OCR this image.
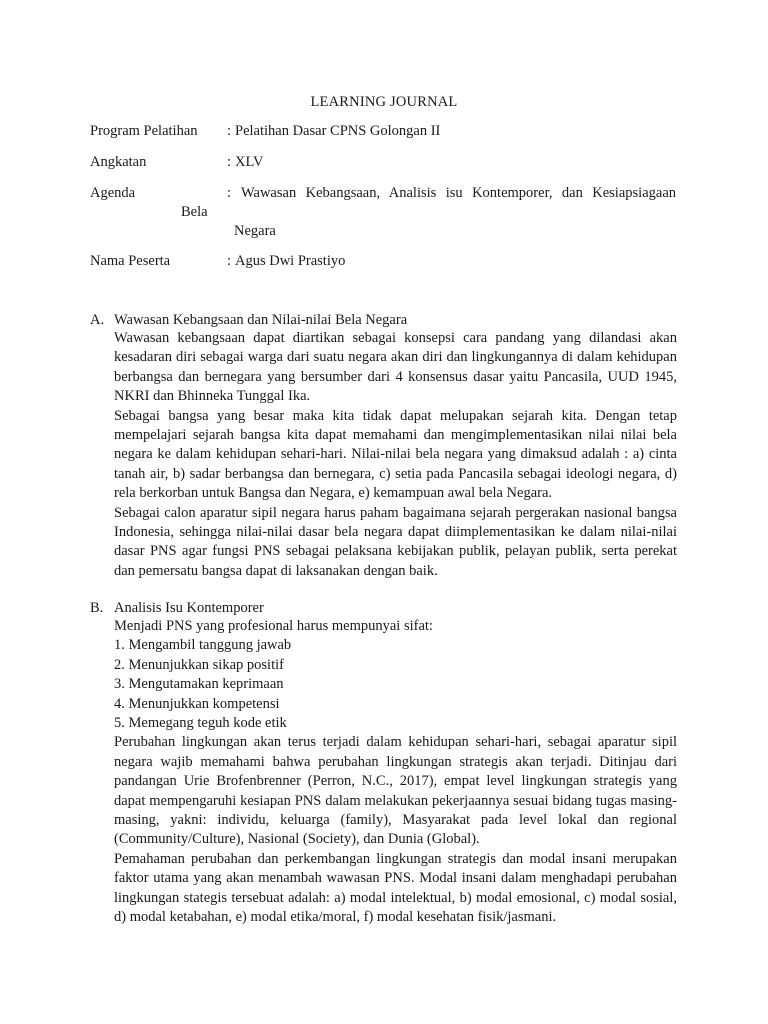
LEARNING JOURNAL
Program Pelatihan : Pelatihan Dasar CPNS Golongan II
Angkatan	: XLV
Agenda	: Wawasan Kebangsaan, Analisis isu Kontemporer, dan Kesiapsiagaan
Bela
Negara
Nama Peserta	: Agus Dwi Prastiyo
A. Wawasan Kebangsaan dan Nilai-nilai Bela Negara

Wawasan kebangsaan dapat diartikan sebagai konsepsi cara pandang yang dilandasi akan kesadaran diri sebagai warga dari suatu negara akan diri dan lingkungannya di dalam kehidupan berbangsa dan bernegara yang bersumber dari 4 konsensus dasar yaitu Pancasila, UUD 1945, NKRI dan Bhinneka Tunggal Ika.

Sebagai bangsa yang besar maka kita tidak dapat melupakan sejarah kita. Dengan tetap mempelajari sejarah bangsa kita dapat memahami dan mengimplementasikan nilai nilai bela negara ke dalam kehidupan sehari-hari. Nilai-nilai bela negara yang dimaksud adalah : a) cinta tanah air, b) sadar berbangsa dan bernegara, c) setia pada Pancasila sebagai ideologi negara, d) rela berkorban untuk Bangsa dan Negara, e) kemampuan awal bela Negara.

Sebagai calon aparatur sipil negara harus paham bagaimana sejarah pergerakan nasional bangsa Indonesia, sehingga nilai-nilai dasar bela negara dapat diimplementasikan ke dalam nilai-nilai dasar PNS agar fungsi PNS sebagai pelaksana kebijakan publik, pelayan publik, serta perekat dan pemersatu bangsa dapat di laksanakan dengan baik.

B. Analisis Isu Kontemporer

Menjadi PNS yang profesional harus mempunyai sifat:

1. Mengambil tanggung jawab

2. Menunjukkan sikap positif

3. Mengutamakan keprimaan

4. Menunjukkan kompetensi

5. Memegang teguh kode etik

Perubahan lingkungan akan terus terjadi dalam kehidupan sehari-hari, sebagai aparatur sipil negara wajib memahami bahwa perubahan lingkungan strategis akan terjadi. Ditinjau dari pandangan Urie Brofenbrenner (Perron, N.C., 2017), empat level lingkungan strategis yang dapat mempengaruhi kesiapan PNS dalam melakukan pekerjaannya sesuai bidang tugas masing-masing, yakni: individu, keluarga (family), Masyarakat pada level lokal dan regional (Community/Culture), Nasional (Society), dan Dunia (Global).

Pemahaman perubahan dan perkembangan lingkungan strategis dan modal insani merupakan faktor utama yang akan menambah wawasan PNS. Modal insani dalam menghadapi perubahan lingkungan stategis tersebuat adalah: a) modal intelektual, b) modal emosional, c) modal sosial, d) modal ketabahan, e) modal etika/moral, f) modal kesehatan fisik/jasmani.
